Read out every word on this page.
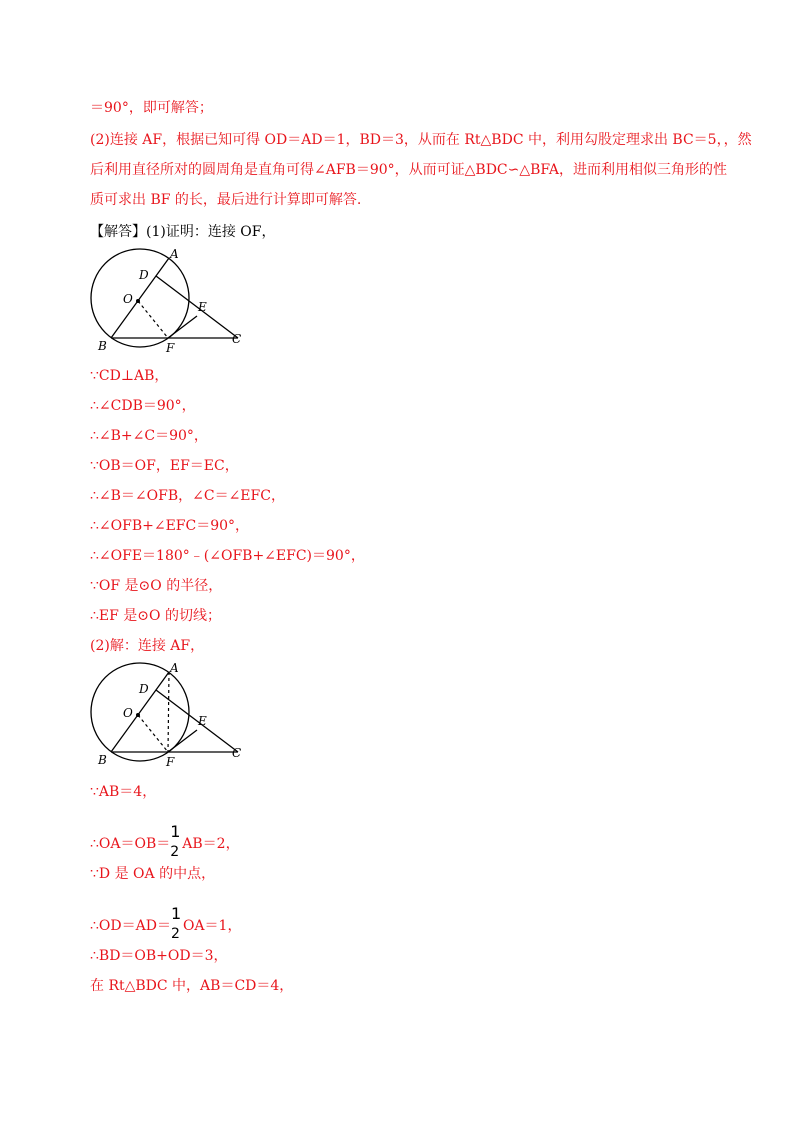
＝90°，即可解答；
(2)连接 AF，根据已知可得 OD＝AD＝1，BD＝3，从而在 Rt△BDC 中，利用勾股定理求出 BC＝5，，然
后利用直径所对的圆周角是直角可得∠AFB＝90°，从而可证△BDC∽△BFA，进而利用相似三角形的性
质可求出 BF 的长，最后进行计算即可解答.
【解答】(1)证明：连接 OF，
A
D
O
E
B	F
C
∵CD⊥AB，
∴∠CDB＝90°，
∴∠B+∠C＝90°，
∵OB＝OF，EF＝EC，
∴∠B＝∠OFB，∠C＝∠EFC，
∴∠OFB+∠EFC＝90°，
∴∠OFE＝180°﹣(∠OFB+∠EFC)＝90°，
∵OF 是⊙O 的半径，
∴EF 是⊙O 的切线；
(2)解：连接 AF，
A
D
O
E
B	F
C
∵AB＝4，
∴OA＝OB＝
1
2 AB＝2，
∵D 是 OA 的中点，
∴OD＝AD＝
1
2 OA＝1，
∴BD＝OB+OD＝3，
在 Rt△BDC 中，AB＝CD＝4，
